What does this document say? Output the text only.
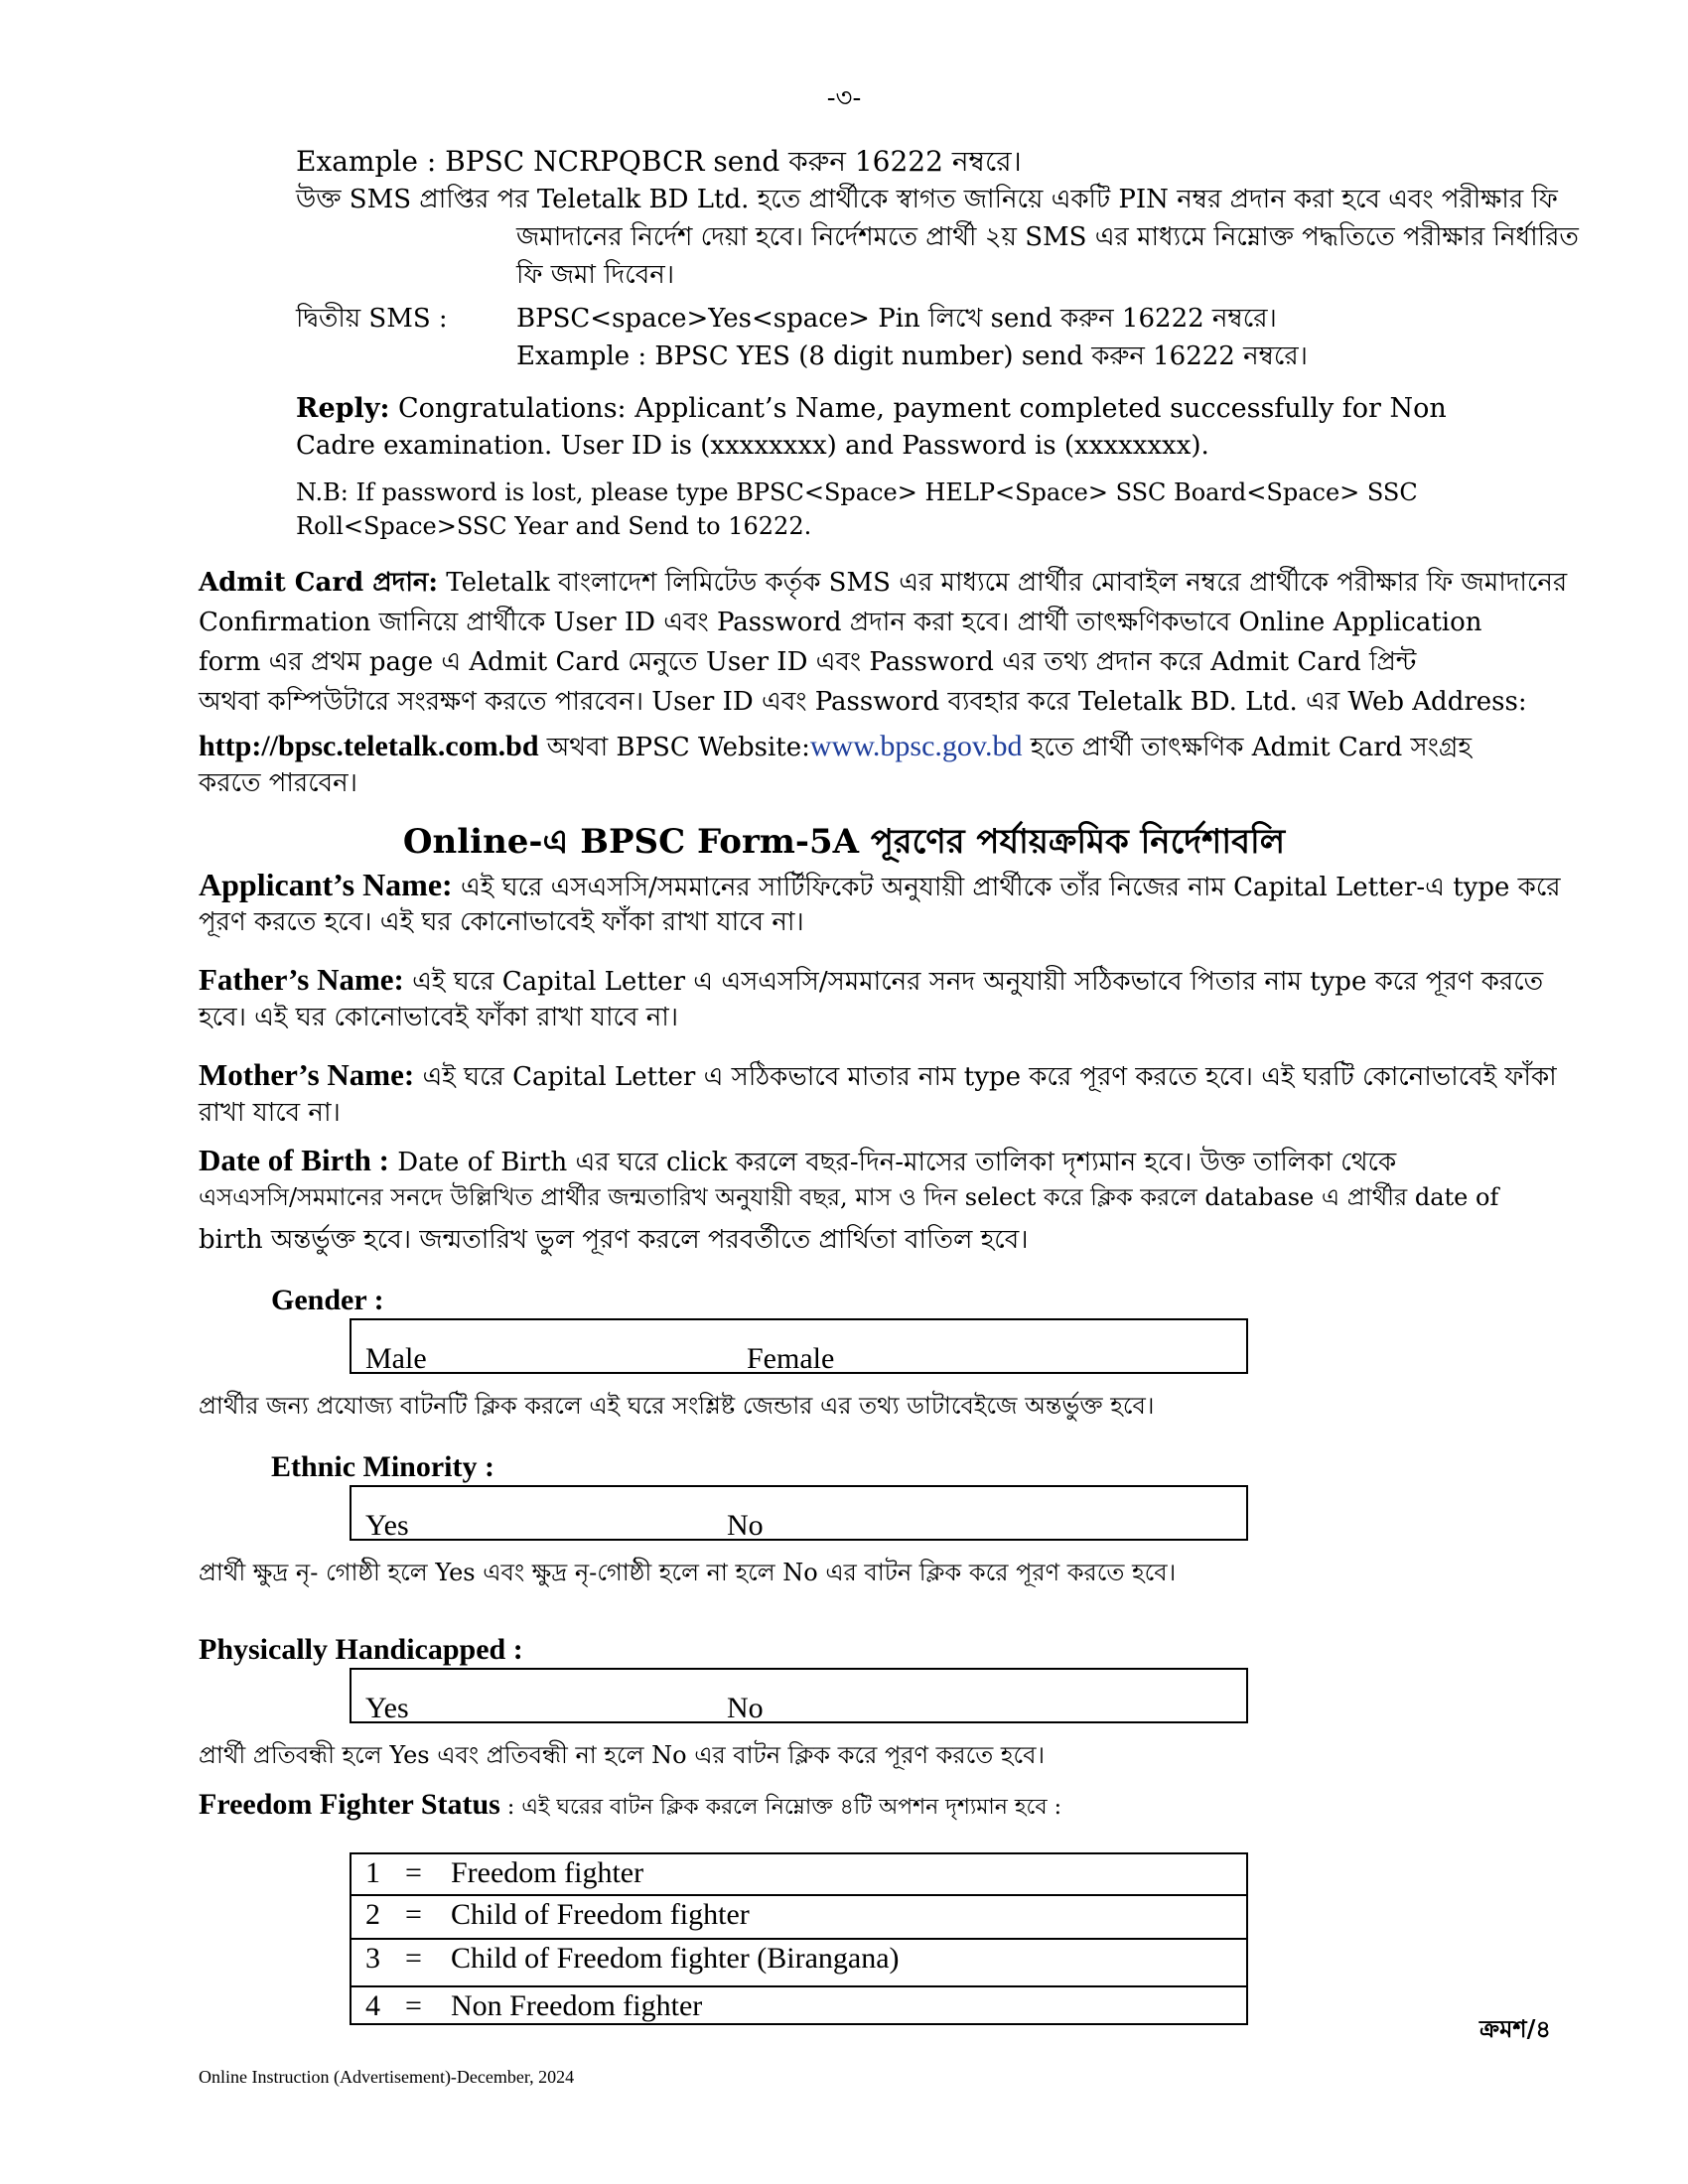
-৩-
Example : BPSC NCRPQBCR send করুন 16222 নম্বরে।
উক্ত SMS প্রাপ্তির পর Teletalk BD Ltd. হতে প্রার্থীকে স্বাগত জানিয়ে একটি PIN নম্বর প্রদান করা হবে এবং পরীক্ষার ফি
জমাদানের নির্দেশ দেয়া হবে। নির্দেশমতে প্রার্থী ২য় SMS এর মাধ্যমে নিম্নোক্ত পদ্ধতিতে পরীক্ষার নির্ধারিত
ফি জমা দিবেন।
দ্বিতীয় SMS :	BPSC<space>Yes<space> Pin লিখে send করুন 16222 নম্বরে।
Example : BPSC YES (8 digit number) send করুন 16222 নম্বরে।
Reply: Congratulations: Applicant’s Name, payment completed successfully for Non
Cadre examination. User ID is (xxxxxxxx) and Password is (xxxxxxxx).
N.B: If password is lost, please type BPSC<Space> HELP<Space> SSC Board<Space> SSC
Roll<Space>SSC Year and Send to 16222.
Admit Card প্রদান: Teletalk বাংলাদেশ লিমিটেড কর্তৃক SMS এর মাধ্যমে প্রার্থীর মোবাইল নম্বরে প্রার্থীকে পরীক্ষার ফি জমাদানের
Confirmation জানিয়ে প্রার্থীকে User ID এবং Password প্রদান করা হবে। প্রার্থী তাৎক্ষণিকভাবে Online Application
form এর প্রথম page এ Admit Card মেনুতে User ID এবং Password এর তথ্য প্রদান করে Admit Card প্রিন্ট
অথবা কম্পিউটারে সংরক্ষণ করতে পারবেন। User ID এবং Password ব্যবহার করে Teletalk BD. Ltd. এর Web Address:
http://bpsc.teletalk.com.bd অথবা BPSC Website:www.bpsc.gov.bd হতে প্রার্থী তাৎক্ষণিক Admit Card সংগ্রহ
করতে পারবেন।
Online-এ BPSC Form-5A পূরণের পর্যায়ক্রমিক নির্দেশাবলি
Applicant’s Name: এই ঘরে এসএসসি/সমমানের সার্টিফিকেট অনুযায়ী প্রার্থীকে তাঁর নিজের নাম Capital Letter-এ type করে
পূরণ করতে হবে। এই ঘর কোনোভাবেই ফাঁকা রাখা যাবে না।
Father’s Name: এই ঘরে Capital Letter এ এসএসসি/সমমানের সনদ অনুযায়ী সঠিকভাবে পিতার নাম type করে পূরণ করতে
হবে। এই ঘর কোনোভাবেই ফাঁকা রাখা যাবে না।
Mother’s Name: এই ঘরে Capital Letter এ সঠিকভাবে মাতার নাম type করে পূরণ করতে হবে। এই ঘরটি কোনোভাবেই ফাঁকা
রাখা যাবে না।
Date of Birth : Date of Birth এর ঘরে click করলে বছর-দিন-মাসের তালিকা দৃশ্যমান হবে। উক্ত তালিকা থেকে
এসএসসি/সমমানের সনদে উল্লিখিত প্রার্থীর জন্মতারিখ অনুযায়ী বছর, মাস ও দিন select করে ক্লিক করলে database এ প্রার্থীর date of
birth অন্তর্ভুক্ত হবে। জন্মতারিখ ভুল পূরণ করলে পরবর্তীতে প্রার্থিতা বাতিল হবে।
Gender :
Male	Female
প্রার্থীর জন্য প্রযোজ্য বাটনটি ক্লিক করলে এই ঘরে সংশ্লিষ্ট জেন্ডার এর তথ্য ডাটাবেইজে অন্তর্ভুক্ত হবে।
Ethnic Minority :
Yes	No
প্রার্থী ক্ষুদ্র নৃ- গোষ্ঠী হলে Yes এবং ক্ষুদ্র নৃ-গোষ্ঠী হলে না হলে No এর বাটন ক্লিক করে পূরণ করতে হবে।
Physically Handicapped :
Yes	No
প্রার্থী প্রতিবন্ধী হলে Yes এবং প্রতিবন্ধী না হলে No এর বাটন ক্লিক করে পূরণ করতে হবে।
Freedom Fighter Status : এই ঘরের বাটন ক্লিক করলে নিম্নোক্ত ৪টি অপশন দৃশ্যমান হবে :
1 = Freedom fighter
2 = Child of Freedom fighter
3 = Child of Freedom fighter (Birangana)
4 = Non Freedom fighter
ক্রমশ/৪
Online Instruction (Advertisement)-December, 2024
